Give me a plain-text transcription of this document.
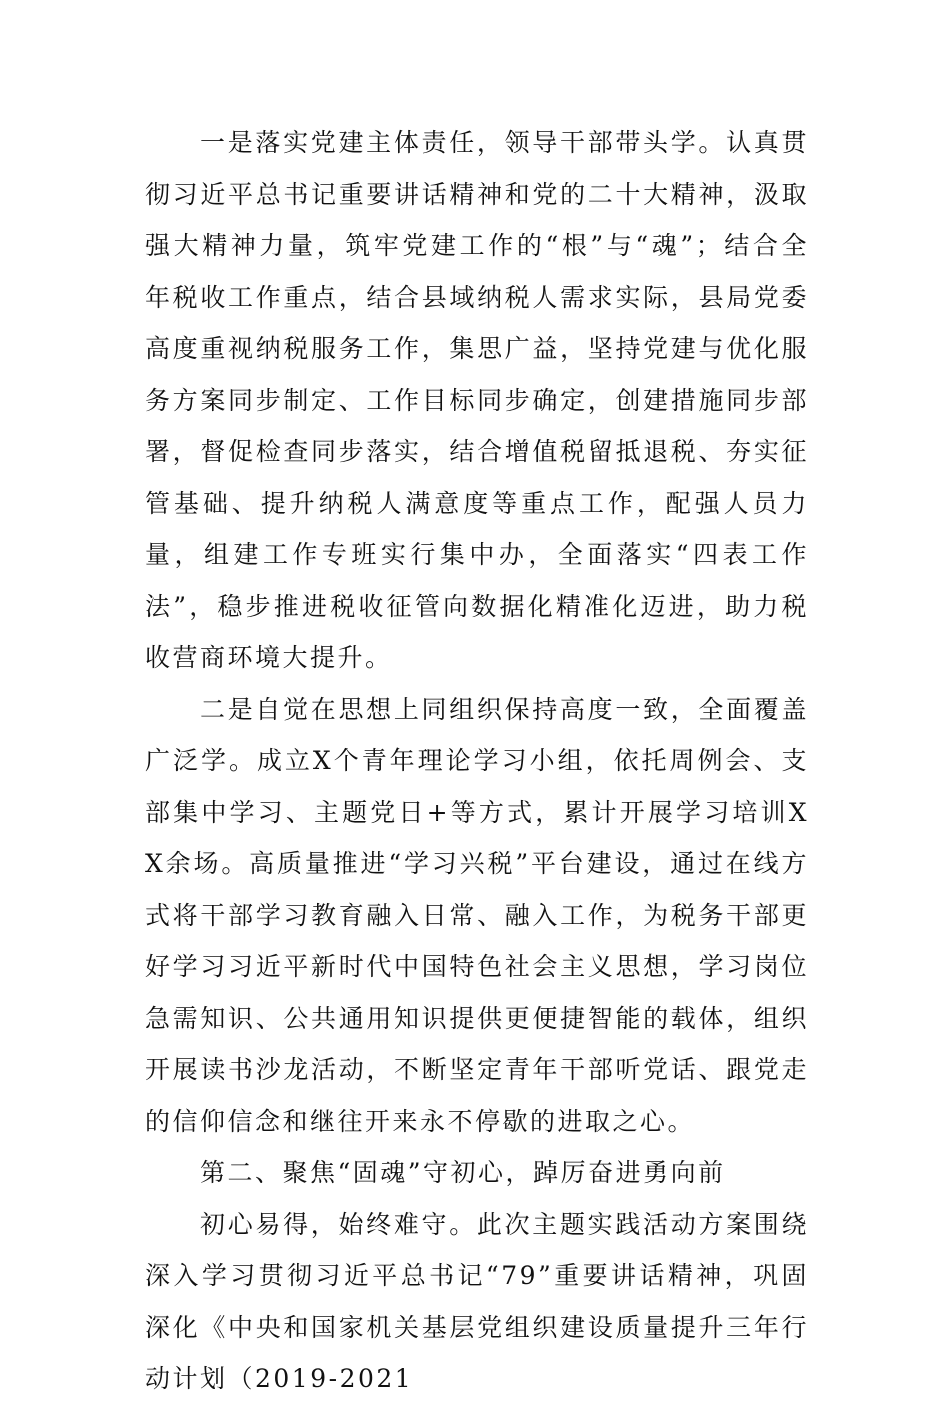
一是落实党建主体责任，领导干部带头学。认真贯彻习近平总书记重要讲话精神和党的二十大精神，汲取强大精神力量，筑牢党建工作的“根”与“魂”；结合全年税收工作重点，结合县域纳税人需求实际，县局党委高度重视纳税服务工作，集思广益，坚持党建与优化服务方案同步制定、工作目标同步确定，创建措施同步部署，督促检查同步落实，结合增值税留抵退税、夯实征管基础、提升纳税人满意度等重点工作，配强人员力量，组建工作专班实行集中办，全面落实“四表工作法”，稳步推进税收征管向数据化精准化迈进，助力税收营商环境大提升。

二是自觉在思想上同组织保持高度一致，全面覆盖广泛学。成立X个青年理论学习小组，依托周例会、支部集中学习、主题党日+等方式，累计开展学习培训XX余场。高质量推进“学习兴税”平台建设，通过在线方式将干部学习教育融入日常、融入工作，为税务干部更好学习习近平新时代中国特色社会主义思想，学习岗位急需知识、公共通用知识提供更便捷智能的载体，组织开展读书沙龙活动，不断坚定青年干部听党话、跟党走的信仰信念和继往开来永不停歇的进取之心。

第二、聚焦“固魂”守初心，踔厉奋进勇向前

初心易得，始终难守。此次主题实践活动方案围绕深入学习贯彻习近平总书记“79”重要讲话精神，巩固深化《中央和国家机关基层党组织建设质量提升三年行动计划（2019-2021
